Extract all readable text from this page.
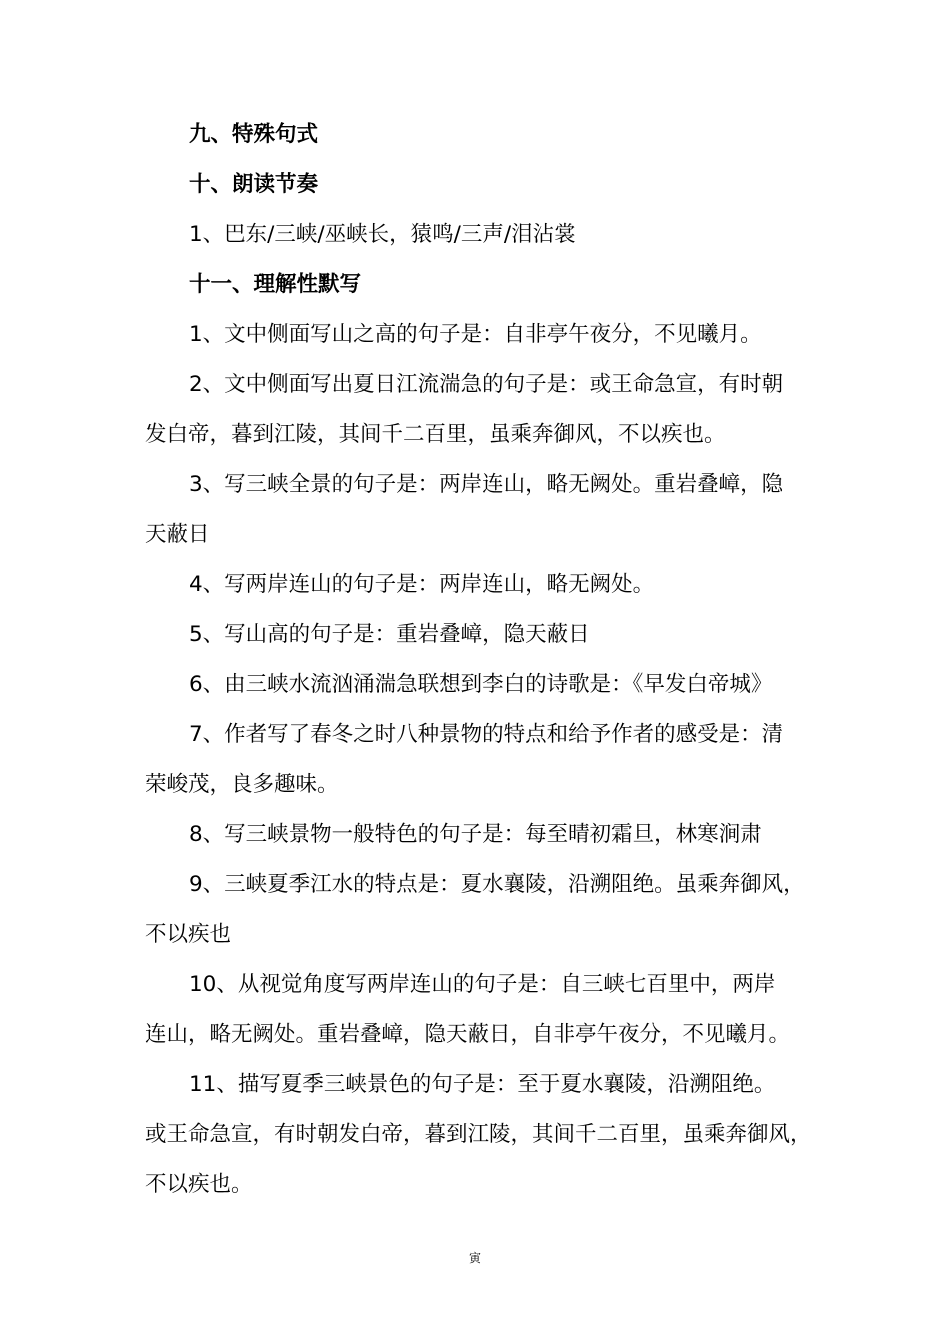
九、特殊句式
十、朗读节奏
1、巴东/三峡/巫峡长，猿鸣/三声/泪沾裳
十一、理解性默写
1、文中侧面写山之高的句子是：自非亭午夜分，不见曦月。
2、文中侧面写出夏日江流湍急的句子是：或王命急宣，有时朝
发白帝，暮到江陵，其间千二百里，虽乘奔御风，不以疾也。
3、写三峡全景的句子是：两岸连山，略无阙处。重岩叠嶂，隐
天蔽日
4、写两岸连山的句子是：两岸连山，略无阙处。
5、写山高的句子是：重岩叠嶂，隐天蔽日
6、由三峡水流汹涌湍急联想到李白的诗歌是：《早发白帝城》
7、作者写了春冬之时八种景物的特点和给予作者的感受是：清
荣峻茂，良多趣味。
8、写三峡景物一般特色的句子是：每至晴初霜旦，林寒涧肃
9、三峡夏季江水的特点是：夏水襄陵，沿溯阻绝。虽乘奔御风，
不以疾也
10、从视觉角度写两岸连山的句子是：自三峡七百里中，两岸
连山，略无阙处。重岩叠嶂，隐天蔽日，自非亭午夜分，不见曦月。
11、描写夏季三峡景色的句子是：至于夏水襄陵，沿溯阻绝。
或王命急宣，有时朝发白帝，暮到江陵，其间千二百里，虽乘奔御风，
不以疾也。
寅
